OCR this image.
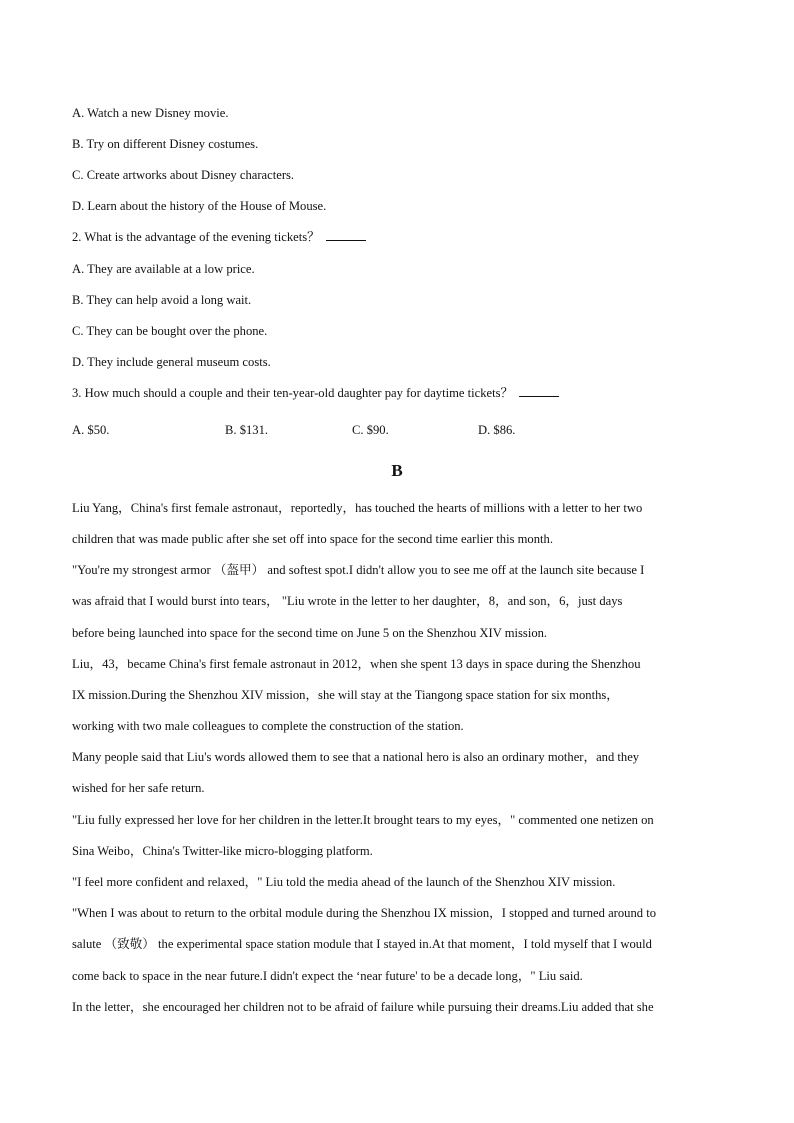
A. Watch a new Disney movie.
B. Try on different Disney costumes.
C. Create artworks about Disney characters.
D. Learn about the history of the House of Mouse.
2. What is the advantage of the evening tickets？
A. They are available at a low price.
B. They can help avoid a long wait.
C. They can be bought over the phone.
D. They include general museum costs.
3. How much should a couple and their ten-year-old daughter pay for daytime tickets？
A. $50.	B. $131.	C. $90.	D. $86.
B
Liu Yang，China's first female astronaut，reportedly，has touched the hearts of millions with a letter to her two
children that was made public after she set off into space for the second time earlier this month.
"You're my strongest armor （盔甲） and softest spot.I didn't allow you to see me off at the launch site because I
was afraid that I would burst into tears， "Liu wrote in the letter to her daughter，8，and son，6，just days
before being launched into space for the second time on June 5 on the Shenzhou XIV mission.
Liu，43，became China's first female astronaut in 2012，when she spent 13 days in space during the Shenzhou
IX mission.During the Shenzhou XIV mission，she will stay at the Tiangong space station for six months，
working with two male colleagues to complete the construction of the station.
Many people said that Liu's words allowed them to see that a national hero is also an ordinary mother，and they
wished for her safe return.
"Liu fully expressed her love for her children in the letter.It brought tears to my eyes，" commented one netizen on
Sina Weibo，China's Twitter-like micro-blogging platform.
"I feel more confident and relaxed，" Liu told the media ahead of the launch of the Shenzhou XIV mission.
"When I was about to return to the orbital module during the Shenzhou IX mission，I stopped and turned around to
salute （致敬） the experimental space station module that I stayed in.At that moment，I told myself that I would
come back to space in the near future.I didn't expect the ‘near future' to be a decade long，" Liu said.
In the letter，she encouraged her children not to be afraid of failure while pursuing their dreams.Liu added that she
